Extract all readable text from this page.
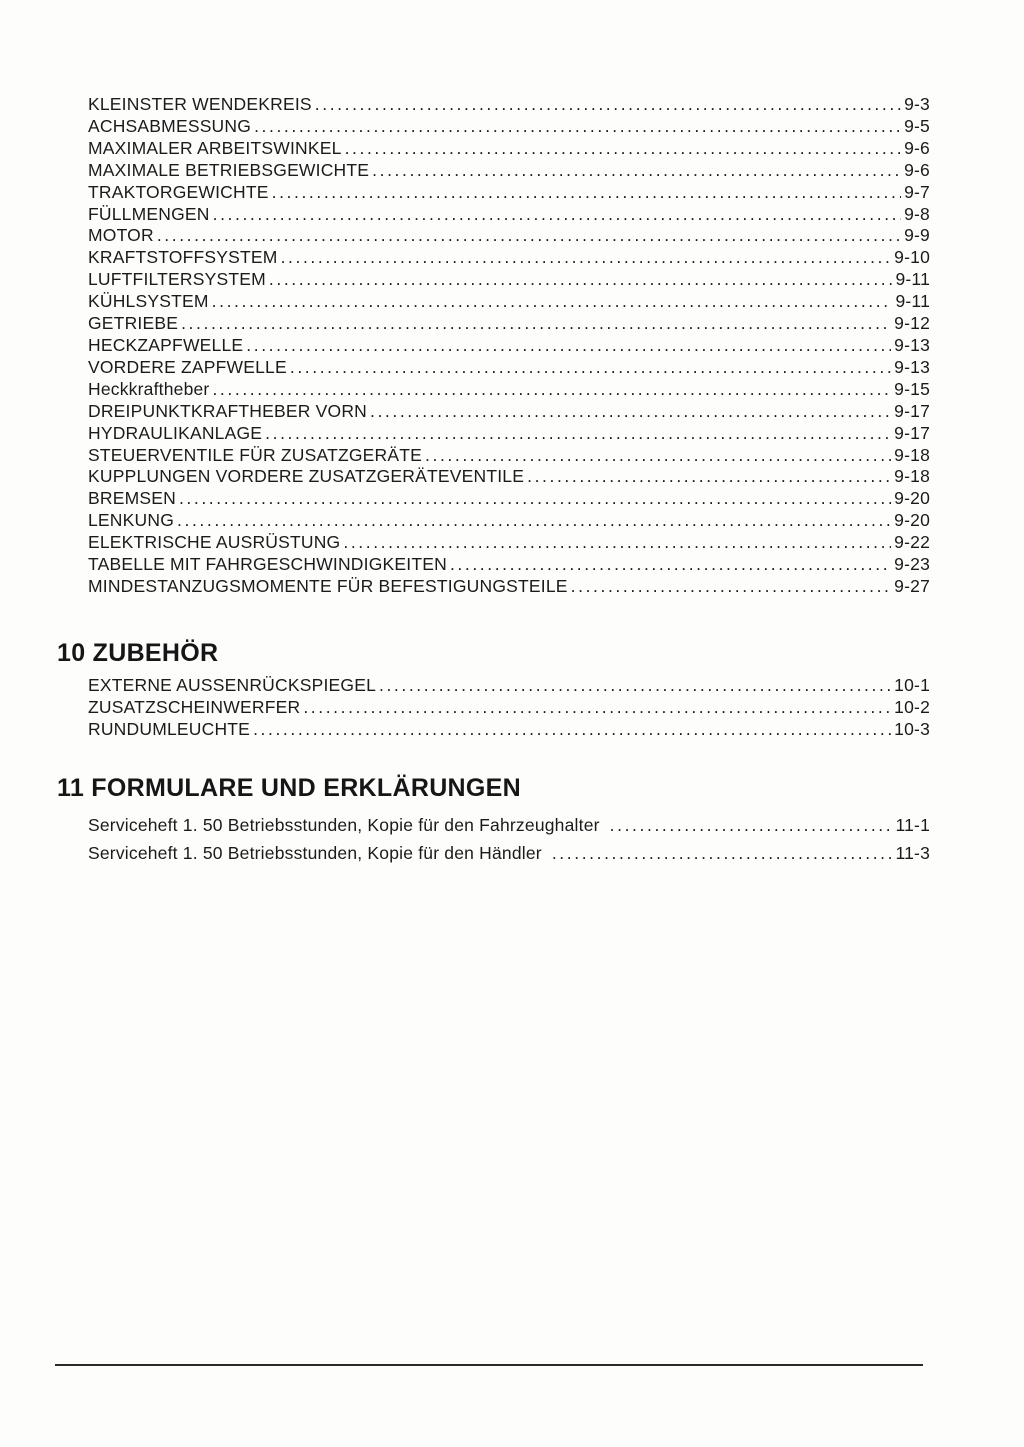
KLEINSTER WENDEKREIS .....	9-3
ACHSABMESSUNG .....	9-5
MAXIMALER ARBEITSWINKEL .....	9-6
MAXIMALE BETRIEBSGEWICHTE .....	9-6
TRAKTORGEWICHTE .....	9-7
FÜLLMENGEN .....	9-8
MOTOR .....	9-9
KRAFTSTOFFSYSTEM .....	9-10
LUFTFILTERSYSTEM .....	9-11
KÜHLSYSTEM .....	9-11
GETRIEBE .....	9-12
HECKZAPFWELLE .....	9-13
VORDERE ZAPFWELLE .....	9-13
Heckkraftheber .....	9-15
DREIPUNKTKRAFTHEBER VORN .....	9-17
HYDRAULIKANLAGE .....	9-17
STEUERVENTILE FÜR ZUSATZGERÄTE .....	9-18
KUPPLUNGEN VORDERE ZUSATZGERÄTEVENTILE .....	9-18
BREMSEN .....	9-20
LENKUNG .....	9-20
ELEKTRISCHE AUSRÜSTUNG .....	9-22
TABELLE MIT FAHRGESCHWINDIGKEITEN .....	9-23
MINDESTANZUGSMOMENTE FÜR BEFESTIGUNGSTEILE .....	9-27
10 ZUBEHÖR
EXTERNE AUSSENRÜCKSPIEGEL .....	10-1
ZUSATZSCHEINWERFER .....	10-2
RUNDUMLEUCHTE .....	10-3
11 FORMULARE UND ERKLÄRUNGEN
Serviceheft 1. 50 Betriebsstunden, Kopie für den Fahrzeughalter .....	11-1
Serviceheft 1. 50 Betriebsstunden, Kopie für den Händler .....	11-3
